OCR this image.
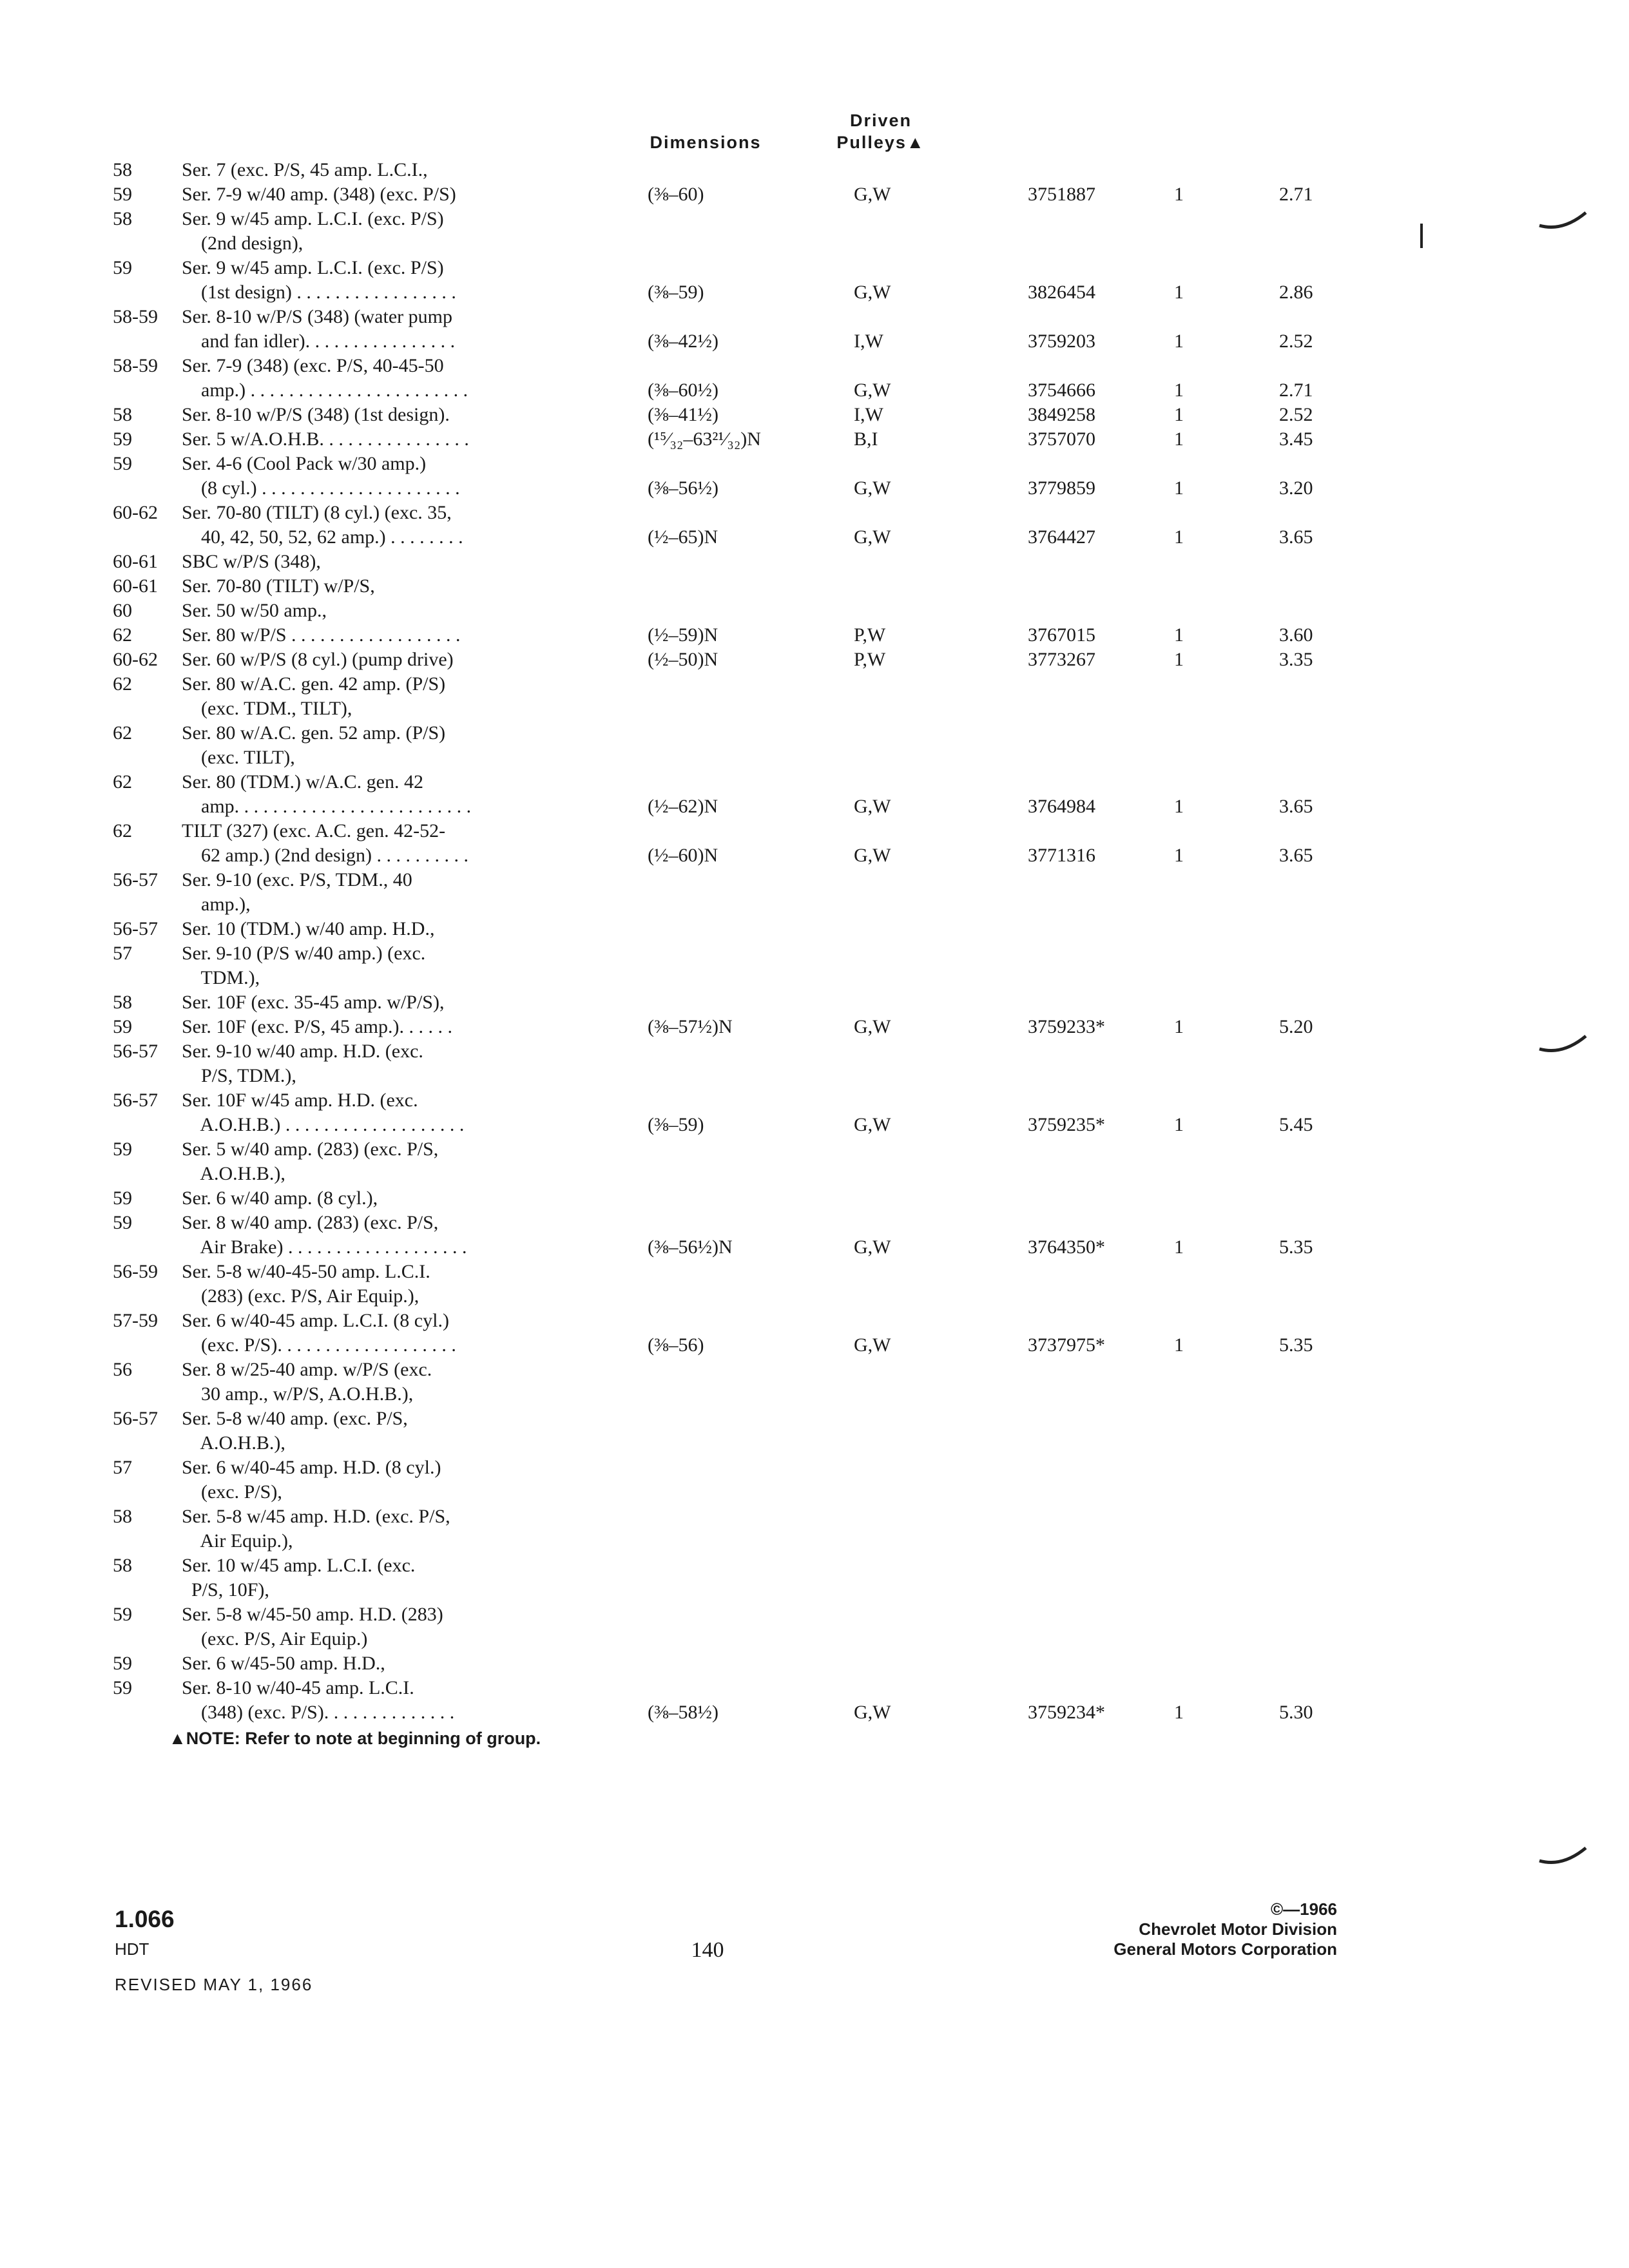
Dimensions
Driven
Pulleys▲
58	Ser. 7 (exc. P/S, 45 amp. L.C.I.,
59	Ser. 7-9 w/40 amp. (348) (exc. P/S)	(⅜–60)	G,W	3751887	1	2.71
58	Ser. 9 w/45 amp. L.C.I. (exc. P/S)
(2nd design),
59	Ser. 9 w/45 amp. L.C.I. (exc. P/S)
(1st design) . . . . . . . . . . . . . . . . .	(⅜–59)	G,W	3826454	1	2.86
58-59 Ser. 8-10 w/P/S (348) (water pump
and fan idler). . . . . . . . . . . . . . . .	(⅜–42½)	I,W	3759203	1	2.52
58-59 Ser. 7-9 (348) (exc. P/S, 40-45-50
amp.) . . . . . . . . . . . . . . . . . . . . . . .	(⅜–60½)	G,W	3754666	1	2.71
58	Ser. 8-10 w/P/S (348) (1st design).	(⅜–41½)	I,W	3849258	1	2.52
59	Ser. 5 w/A.O.H.B. . . . . . . . . . . . . . . .	(¹⁵⁄₃₂–63²¹⁄₃₂)N	B,I	3757070	1	3.45
59	Ser. 4-6 (Cool Pack w/30 amp.)
(8 cyl.) . . . . . . . . . . . . . . . . . . . . .	(⅜–56½)	G,W	3779859	1	3.20
60-62 Ser. 70-80 (TILT) (8 cyl.) (exc. 35,
40, 42, 50, 52, 62 amp.) . . . . . . . .	(½–65)N	G,W	3764427	1	3.65
60-61 SBC w/P/S (348),
60-61 Ser. 70-80 (TILT) w/P/S,
60	Ser. 50 w/50 amp.,
62	Ser. 80 w/P/S . . . . . . . . . . . . . . . . . .	(½–59)N	P,W	3767015	1	3.60
60-62 Ser. 60 w/P/S (8 cyl.) (pump drive)	(½–50)N	P,W	3773267	1	3.35
62	Ser. 80 w/A.C. gen. 42 amp. (P/S)
(exc. TDM., TILT),
62	Ser. 80 w/A.C. gen. 52 amp. (P/S)
(exc. TILT),
62	Ser. 80 (TDM.) w/A.C. gen. 42
amp. . . . . . . . . . . . . . . . . . . . . . . . .	(½–62)N	G,W	3764984	1	3.65
62	TILT (327) (exc. A.C. gen. 42-52-
62 amp.) (2nd design) . . . . . . . . . .	(½–60)N	G,W	3771316	1	3.65
56-57 Ser. 9-10 (exc. P/S, TDM., 40
amp.),
56-57 Ser. 10 (TDM.) w/40 amp. H.D.,
57	Ser. 9-10 (P/S w/40 amp.) (exc.
TDM.),
58	Ser. 10F (exc. 35-45 amp. w/P/S),
59	Ser. 10F (exc. P/S, 45 amp.). . . . . .	(⅜–57½)N	G,W	3759233*	1	5.20
56-57 Ser. 9-10 w/40 amp. H.D. (exc.
P/S, TDM.),
56-57 Ser. 10F w/45 amp. H.D. (exc.
A.O.H.B.) . . . . . . . . . . . . . . . . . . .	(⅜–59)	G,W	3759235*	1	5.45
59	Ser. 5 w/40 amp. (283) (exc. P/S,
A.O.H.B.),
59	Ser. 6 w/40 amp. (8 cyl.),
59	Ser. 8 w/40 amp. (283) (exc. P/S,
Air Brake) . . . . . . . . . . . . . . . . . . .	(⅜–56½)N	G,W	3764350*	1	5.35
56-59 Ser. 5-8 w/40-45-50 amp. L.C.I.
(283) (exc. P/S, Air Equip.),
57-59 Ser. 6 w/40-45 amp. L.C.I. (8 cyl.)
(exc. P/S). . . . . . . . . . . . . . . . . . .	(⅜–56)	G,W	3737975*	1	5.35
56	Ser. 8 w/25-40 amp. w/P/S (exc.
30 amp., w/P/S, A.O.H.B.),
56-57 Ser. 5-8 w/40 amp. (exc. P/S,
A.O.H.B.),
57	Ser. 6 w/40-45 amp. H.D. (8 cyl.)
(exc. P/S),
58	Ser. 5-8 w/45 amp. H.D. (exc. P/S,
Air Equip.),
58	Ser. 10 w/45 amp. L.C.I. (exc.
P/S, 10F),
59	Ser. 5-8 w/45-50 amp. H.D. (283)
(exc. P/S, Air Equip.)
59	Ser. 6 w/45-50 amp. H.D.,
59	Ser. 8-10 w/40-45 amp. L.C.I.
(348) (exc. P/S). . . . . . . . . . . . . .	(⅜–58½)	G,W	3759234*	1	5.30
▲NOTE: Refer to note at beginning of group.
1.066
HDT
REVISED MAY 1, 1966
140
©—1966
Chevrolet Motor Division
General Motors Corporation
